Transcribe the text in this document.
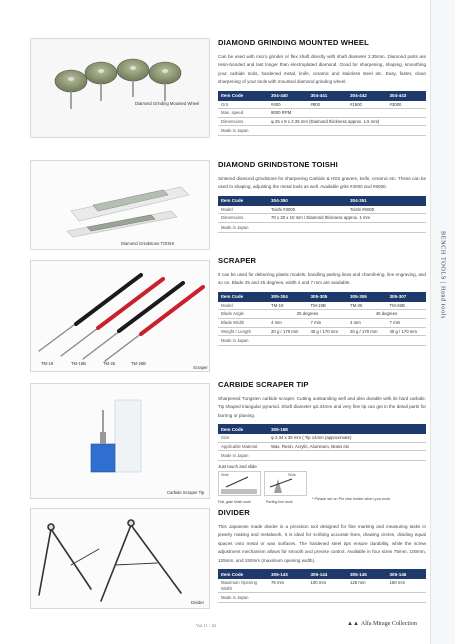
BENCH TOOLS | Hand tools
Diamond Grinding Mounted Wheel
Diamond Grindstone TOISHI
TM-19	TM-19B	TM-26	TM-26B
Scraper
Carbide Scraper Tip
Divider
DIAMOND GRINDING MOUNTED WHEEL
Can be used with micro grinder or flex shaft directly with shaft diameter 2.35mm. Diamond parts are resin-bonded and last longer than electroplated diamond. Good for sharpening, shaping, smoothing your carbide tools, hardened metal, knife, ceramic and stainless steel etc. Easy, faster, clean sharpening of your tools with mounted diamond grinding wheel.
Item Code	304-440	304-441	304-442	304-443
Grit	#400	#800	#1500	#3000
Max. speed	9000 RPM			
Dimensions	φ 25 x 8 x 2.35 mm (Diamond thickness approx. 1.5 mm)			
Made in Japan
DIAMOND GRINDSTONE TOISHI
Sintered diamond grindstone for sharpening Carbide & HSS gravers, knife, ceramic etc. These can be used to shaping, adjusting the metal tools as well. Available grits #3000 and #6000.
Item Code	304-350	304-351
Model	Toishi #3000	Toishi #6000
Dimensions	70 x 20 x 10 mm / Diamond thickness approx. 1 mm	
Made in Japan
SCRAPER
It can be used for deburring plastic models, handling parting lines and chamfering, line engraving, and so on. Blade 25 and 45 degrees, width 4 and 7 mm are available.
Item Code	305-304	305-305	305-306	305-307
Model	TM-19	TM-19B	TM-26	TM-26B
Blade Angle	25 degrees		45 degrees	
Blade Width	4 mm	7 mm	4 mm	7 mm
Weight / Length	20 g / 170 mm	40 g / 170 mm	20 g / 170 mm	40 g / 170 mm
Made in Japan
CARBIDE SCRAPER TIP
Sharpened Tungsten carbide scraper. Cutting outstanding well and also durable with its hard carbide. Tip shaped triangular pyramid. Shaft diameter φ2.34mm and very fine tip can get in the detail parts for burring or planing.
Item Code	305-198
Size	φ 2.34 x 39 mm ( Tip 14mm (approximate)
Applicable Material	Wax, Resin, Acrylic, Aluminum, Brass etc
Made in Japan
Just touch and slide
Slide	Slide
Flat, gate finish work	Parting line work
* Please set on Pin vise holder when you work.
DIVIDER
This Japanese made divider is a precision tool designed for fine marking and measuring tasks in jewelry making and metalwork. It is ideal for scribing accurate lines, drawing circles, dividing equal spaces onto metal or wax surfaces. The hardened steel tips ensure durability, while the screw adjustment mechanism allows for smooth and precise control. Available in four sizes 75mm, 100mm, 125mm, and 150mm (maximum opening width).
Item Code	305-143	305-144	305-145	305-146
Maximum Opening Width	75 mm	100 mm	125 mm	150 mm
Made in Japan
Vol.11 / 42	▲▲ Alfa Mirage Collection
